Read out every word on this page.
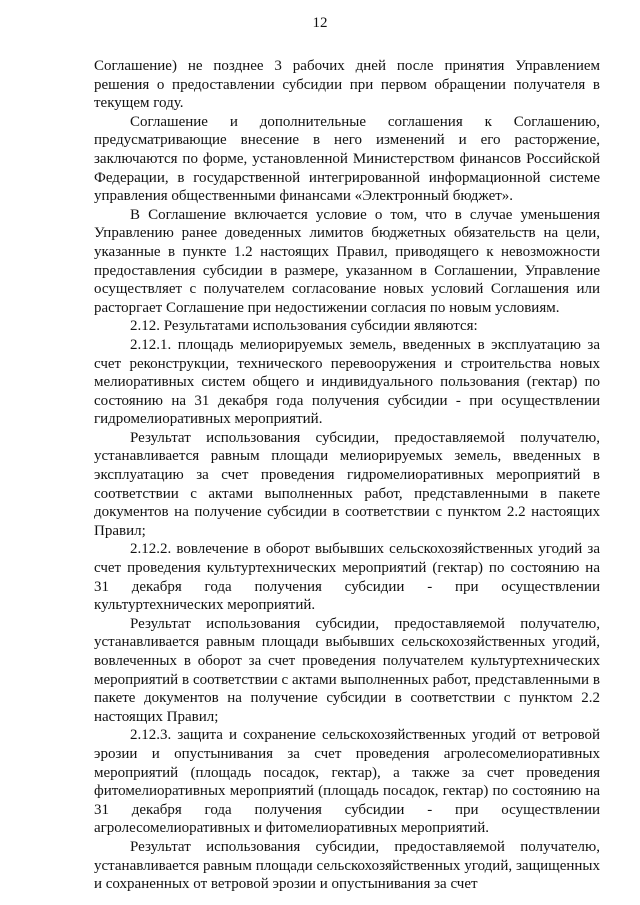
12

Соглашение) не позднее 3 рабочих дней после принятия Управлением решения о предоставлении субсидии при первом обращении получателя в текущем году.

Соглашение и дополнительные соглашения к Соглашению, предусматривающие внесение в него изменений и его расторжение, заключаются по форме, установленной Министерством финансов Российской Федерации, в государственной интегрированной информационной системе управления общественными финансами «Электронный бюджет».

В Соглашение включается условие о том, что в случае уменьшения Управлению ранее доведенных лимитов бюджетных обязательств на цели, указанные в пункте 1.2 настоящих Правил, приводящего к невозможности предоставления субсидии в размере, указанном в Соглашении, Управление осуществляет с получателем согласование новых условий Соглашения или расторгает Соглашение при недостижении согласия по новым условиям.

2.12. Результатами использования субсидии являются:

2.12.1. площадь мелиорируемых земель, введенных в эксплуатацию за счет реконструкции, технического перевооружения и строительства новых мелиоративных систем общего и индивидуального пользования (гектар) по состоянию на 31 декабря года получения субсидии - при осуществлении гидромелиоративных мероприятий.

Результат использования субсидии, предоставляемой получателю, устанавливается равным площади мелиорируемых земель, введенных в эксплуатацию за счет проведения гидромелиоративных мероприятий в соответствии с актами выполненных работ, представленными в пакете документов на получение субсидии в соответствии с пунктом 2.2 настоящих Правил;

2.12.2. вовлечение в оборот выбывших сельскохозяйственных угодий за счет проведения культуртехнических мероприятий (гектар) по состоянию на 31 декабря года получения субсидии - при осуществлении культуртехнических мероприятий.

Результат использования субсидии, предоставляемой получателю, устанавливается равным площади выбывших сельскохозяйственных угодий, вовлеченных в оборот за счет проведения получателем культуртехнических мероприятий в соответствии с актами выполненных работ, представленными в пакете документов на получение субсидии в соответствии с пунктом 2.2 настоящих Правил;

2.12.3. защита и сохранение сельскохозяйственных угодий от ветровой эрозии и опустынивания за счет проведения агролесомелиоративных мероприятий (площадь посадок, гектар), а также за счет проведения фитомелиоративных мероприятий (площадь посадок, гектар) по состоянию на 31 декабря года получения субсидии - при осуществлении агролесомелиоративных и фитомелиоративных мероприятий.

Результат использования субсидии, предоставляемой получателю, устанавливается равным площади сельскохозяйственных угодий, защищенных и сохраненных от ветровой эрозии и опустынивания за счет
